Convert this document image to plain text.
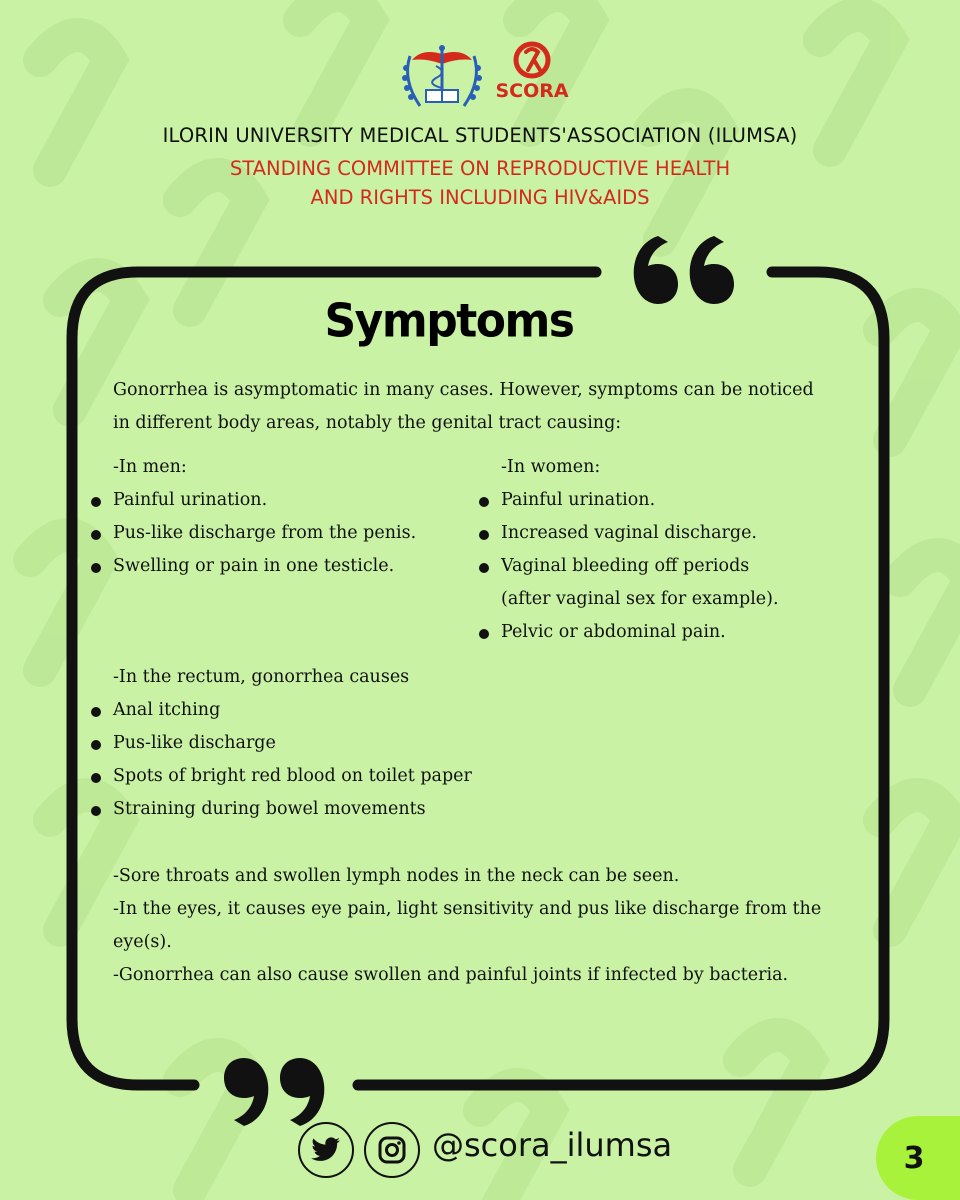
SCORA
ILORIN UNIVERSITY MEDICAL STUDENTS'ASSOCIATION (ILUMSA)
STANDING COMMITTEE ON REPRODUCTIVE HEALTH
AND RIGHTS INCLUDING HIV&AIDS
Symptoms
Gonorrhea is asymptomatic in many cases. However, symptoms can be noticed in different body areas, notably the genital tract causing:
-In men:
Painful urination.
Pus-like discharge from the penis.
Swelling or pain in one testicle.
-In women:
Painful urination.
Increased vaginal discharge.
Vaginal bleeding off periods
(after vaginal sex for example).
Pelvic or abdominal pain.
-In the rectum, gonorrhea causes
Anal itching
Pus-like discharge
Spots of bright red blood on toilet paper
Straining during bowel movements

-Sore throats and swollen lymph nodes in the neck can be seen.

-In the eyes, it causes eye pain, light sensitivity and pus like discharge from the eye(s).

-Gonorrhea can also cause swollen and painful joints if infected by bacteria.

@scora_ilumsa	3
